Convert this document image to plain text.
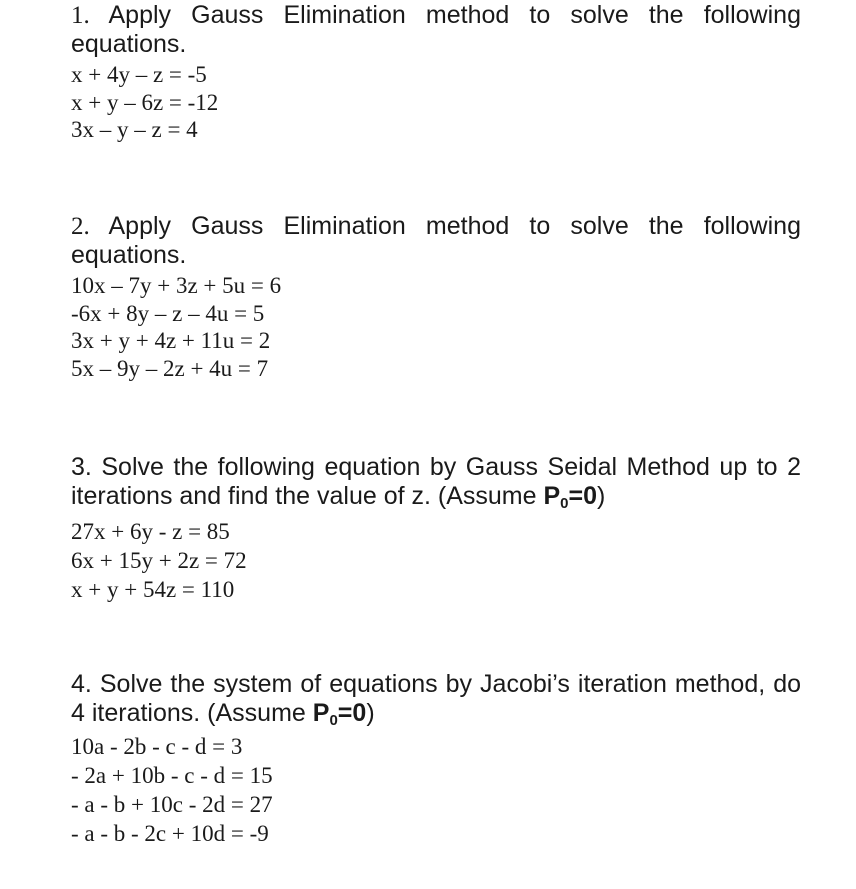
1. Apply Gauss Elimination method to solve the following equations.

x + 4y – z = -5
x + y – 6z = -12
3x – y – z = 4

2. Apply Gauss Elimination method to solve the following equations.

10x – 7y + 3z + 5u = 6
-6x + 8y – z – 4u = 5
3x + y + 4z + 11u = 2
5x – 9y – 2z + 4u = 7

3. Solve the following equation by Gauss Seidal Method up to 2 iterations and find the value of z. (Assume $P_0=0$)

27x + 6y - z = 85
6x + 15y + 2z = 72
x + y + 54z = 110

4. Solve the system of equations by Jacobi’s iteration method, do 4 iterations. (Assume $P_0=0$)

10a - 2b - c - d = 3
- 2a + 10b - c - d = 15
- a - b + 10c - 2d = 27
- a - b - 2c + 10d = -9
